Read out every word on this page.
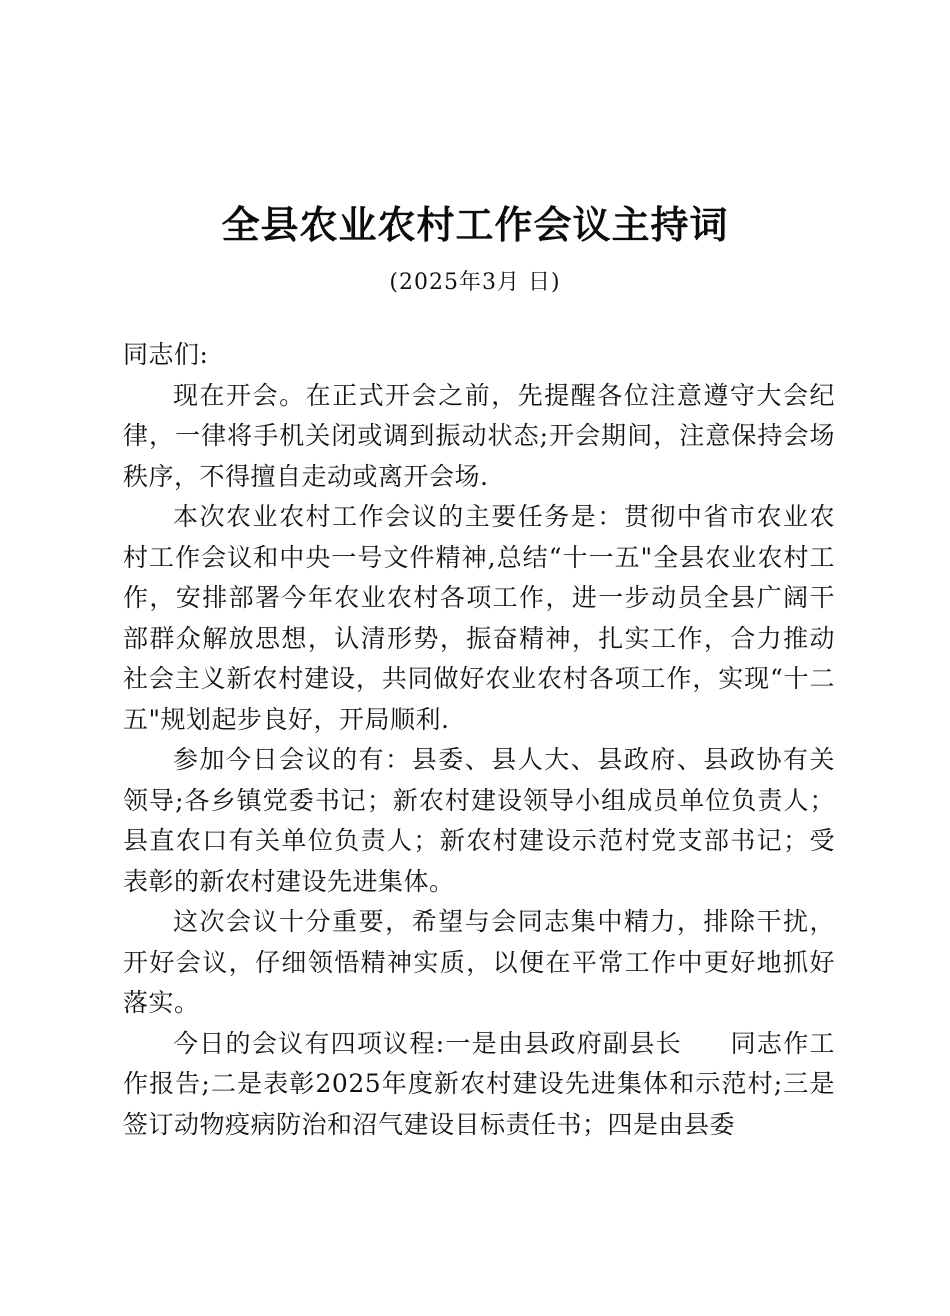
全县农业农村工作会议主持词
(2025年3月 日)

同志们:

现在开会。在正式开会之前，先提醒各位注意遵守大会纪律，一律将手机关闭或调到振动状态;开会期间，注意保持会场秩序，不得擅自走动或离开会场.

本次农业农村工作会议的主要任务是：贯彻中省市农业农村工作会议和中央一号文件精神,总结“十一五"全县农业农村工作，安排部署今年农业农村各项工作，进一步动员全县广阔干部群众解放思想，认清形势，振奋精神，扎实工作，合力推动社会主义新农村建设，共同做好农业农村各项工作，实现“十二五"规划起步良好，开局顺利.

参加今日会议的有：县委、县人大、县政府、县政协有关领导;各乡镇党委书记；新农村建设领导小组成员单位负责人；县直农口有关单位负责人；新农村建设示范村党支部书记；受表彰的新农村建设先进集体。

这次会议十分重要，希望与会同志集中精力，排除干扰，开好会议，仔细领悟精神实质，以便在平常工作中更好地抓好落实。

今日的会议有四项议程:一是由县政府副县长 同志作工作报告;二是表彰2025年度新农村建设先进集体和示范村;三是签订动物疫病防治和沼气建设目标责任书；四是由县委
